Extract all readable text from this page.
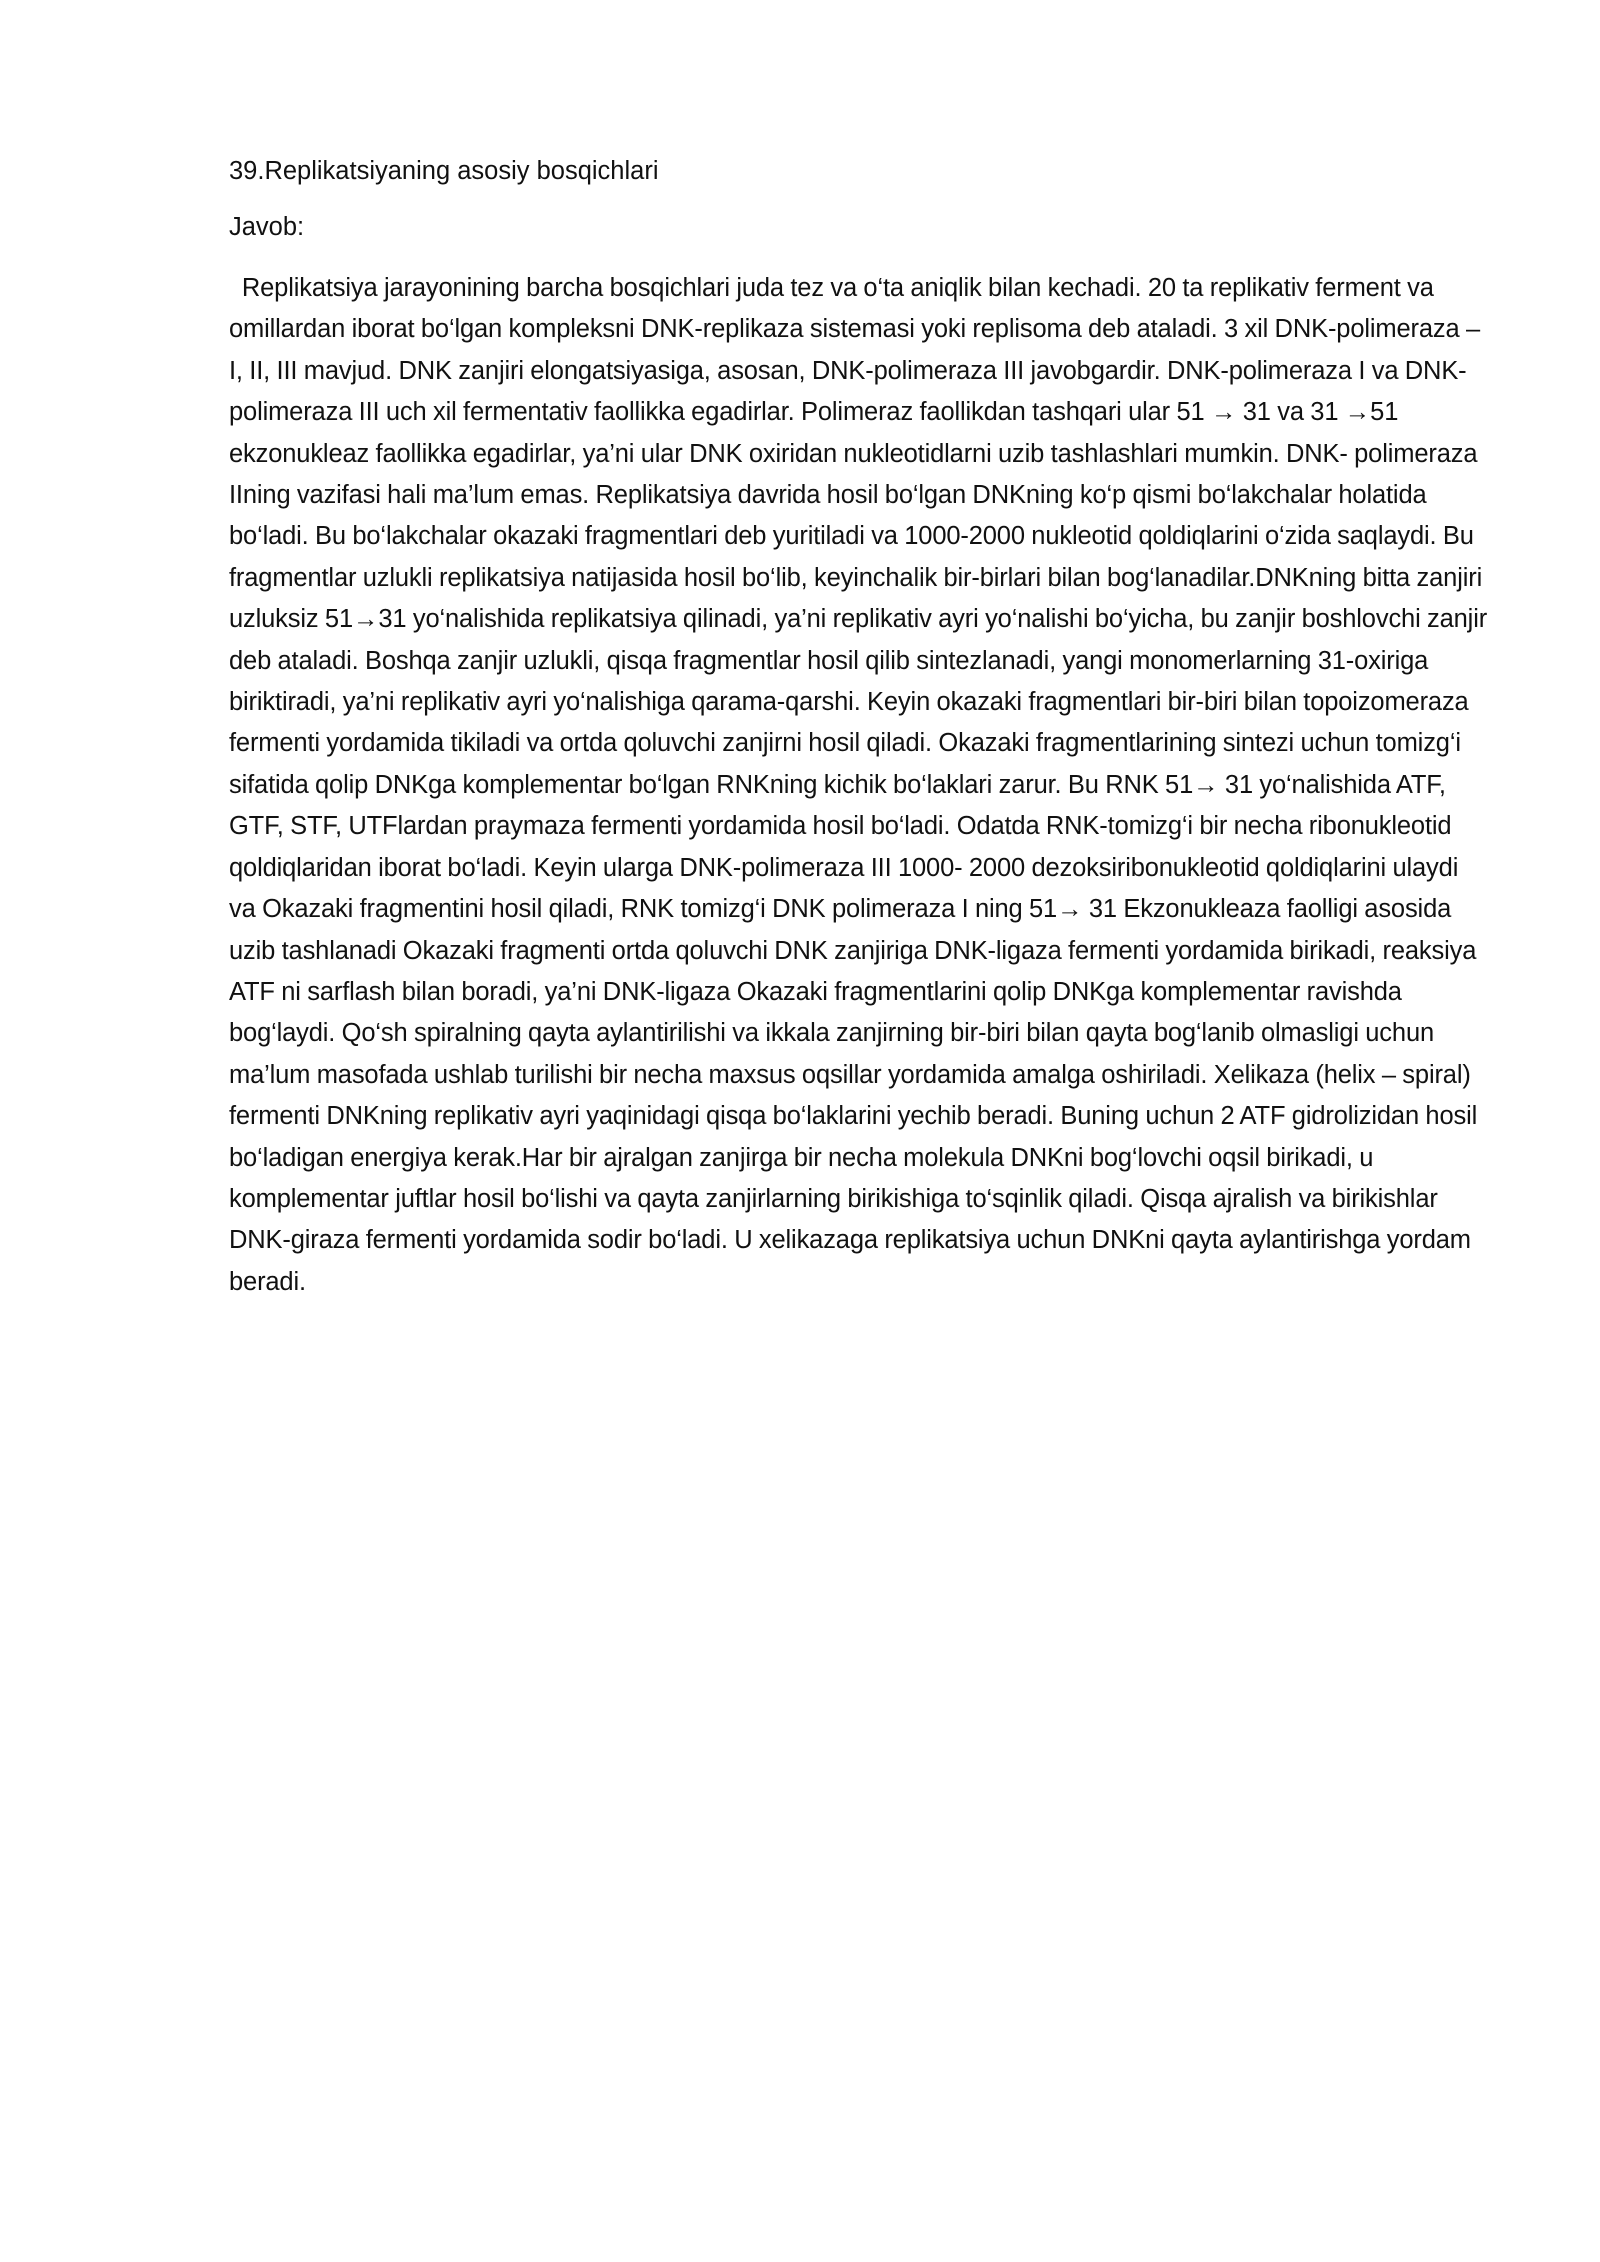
39.Replikatsiyaning asosiy bosqichlari

Javob:

Replikatsiya jarayonining barcha bosqichlari juda tez va o‘ta aniqlik bilan kechadi. 20 ta replikativ ferment va omillardan iborat bo‘lgan kompleksni DNK-replikaza sistemasi yoki replisoma deb ataladi. 3 xil DNK-polimeraza – I, II, III mavjud. DNK zanjiri elongatsiyasiga, asosan, DNK-polimeraza III javobgardir. DNK-polimeraza I va DNK-polimeraza III uch xil fermentativ faollikka egadirlar. Polimeraz faollikdan tashqari ular 51 → 31 va 31 →51 ekzonukleaz faollikka egadirlar, ya’ni ular DNK oxiridan nukleotidlarni uzib tashlashlari mumkin. DNK- polimeraza IIning vazifasi hali ma’lum emas. Replikatsiya davrida hosil bo‘lgan DNKning ko‘p qismi bo‘lakchalar holatida bo‘ladi. Bu bo‘lakchalar okazaki fragmentlari deb yuritiladi va 1000-2000 nukleotid qoldiqlarini o‘zida saqlaydi. Bu fragmentlar uzlukli replikatsiya natijasida hosil bo‘lib, keyinchalik bir-birlari bilan bog‘lanadilar.DNKning bitta zanjiri uzluksiz 51→31 yo‘nalishida replikatsiya qilinadi, ya’ni replikativ ayri yo‘nalishi bo‘yicha, bu zanjir boshlovchi zanjir deb ataladi. Boshqa zanjir uzlukli, qisqa fragmentlar hosil qilib sintezlanadi, yangi monomerlarning 31-oxiriga biriktiradi, ya’ni replikativ ayri yo‘nalishiga qarama-qarshi. Keyin okazaki fragmentlari bir-biri bilan topoizomeraza fermenti yordamida tikiladi va ortda qoluvchi zanjirni hosil qiladi. Okazaki fragmentlarining sintezi uchun tomizg‘i sifatida qolip DNKga komplementar bo‘lgan RNKning kichik bo‘laklari zarur. Bu RNK 51→ 31 yo‘nalishida ATF, GTF, STF, UTFlardan praymaza fermenti yordamida hosil bo‘ladi. Odatda RNK-tomizg‘i bir necha ribonukleotid qoldiqlaridan iborat bo‘ladi. Keyin ularga DNK-polimeraza III 1000- 2000 dezoksiribonukleotid qoldiqlarini ulaydi va Okazaki fragmentini hosil qiladi, RNK tomizg‘i DNK polimeraza I ning 51→ 31 Ekzonukleaza faolligi asosida uzib tashlanadi Okazaki fragmenti ortda qoluvchi DNK zanjiriga DNK-ligaza fermenti yordamida birikadi, reaksiya ATF ni sarflash bilan boradi, ya’ni DNK-ligaza Okazaki fragmentlarini qolip DNKga komplementar ravishda bog‘laydi. Qo‘sh spiralning qayta aylantirilishi va ikkala zanjirning bir-biri bilan qayta bog‘lanib olmasligi uchun ma’lum masofada ushlab turilishi bir necha maxsus oqsillar yordamida amalga oshiriladi. Xelikaza (helix – spiral) fermenti DNKning replikativ ayri yaqinidagi qisqa bo‘laklarini yechib beradi. Buning uchun 2 ATF gidrolizidan hosil bo‘ladigan energiya kerak.Har bir ajralgan zanjirga bir necha molekula DNKni bog‘lovchi oqsil birikadi, u komplementar juftlar hosil bo‘lishi va qayta zanjirlarning birikishiga to‘sqinlik qiladi. Qisqa ajralish va birikishlar DNK-giraza fermenti yordamida sodir bo‘ladi. U xelikazaga replikatsiya uchun DNKni qayta aylantirishga yordam beradi.
